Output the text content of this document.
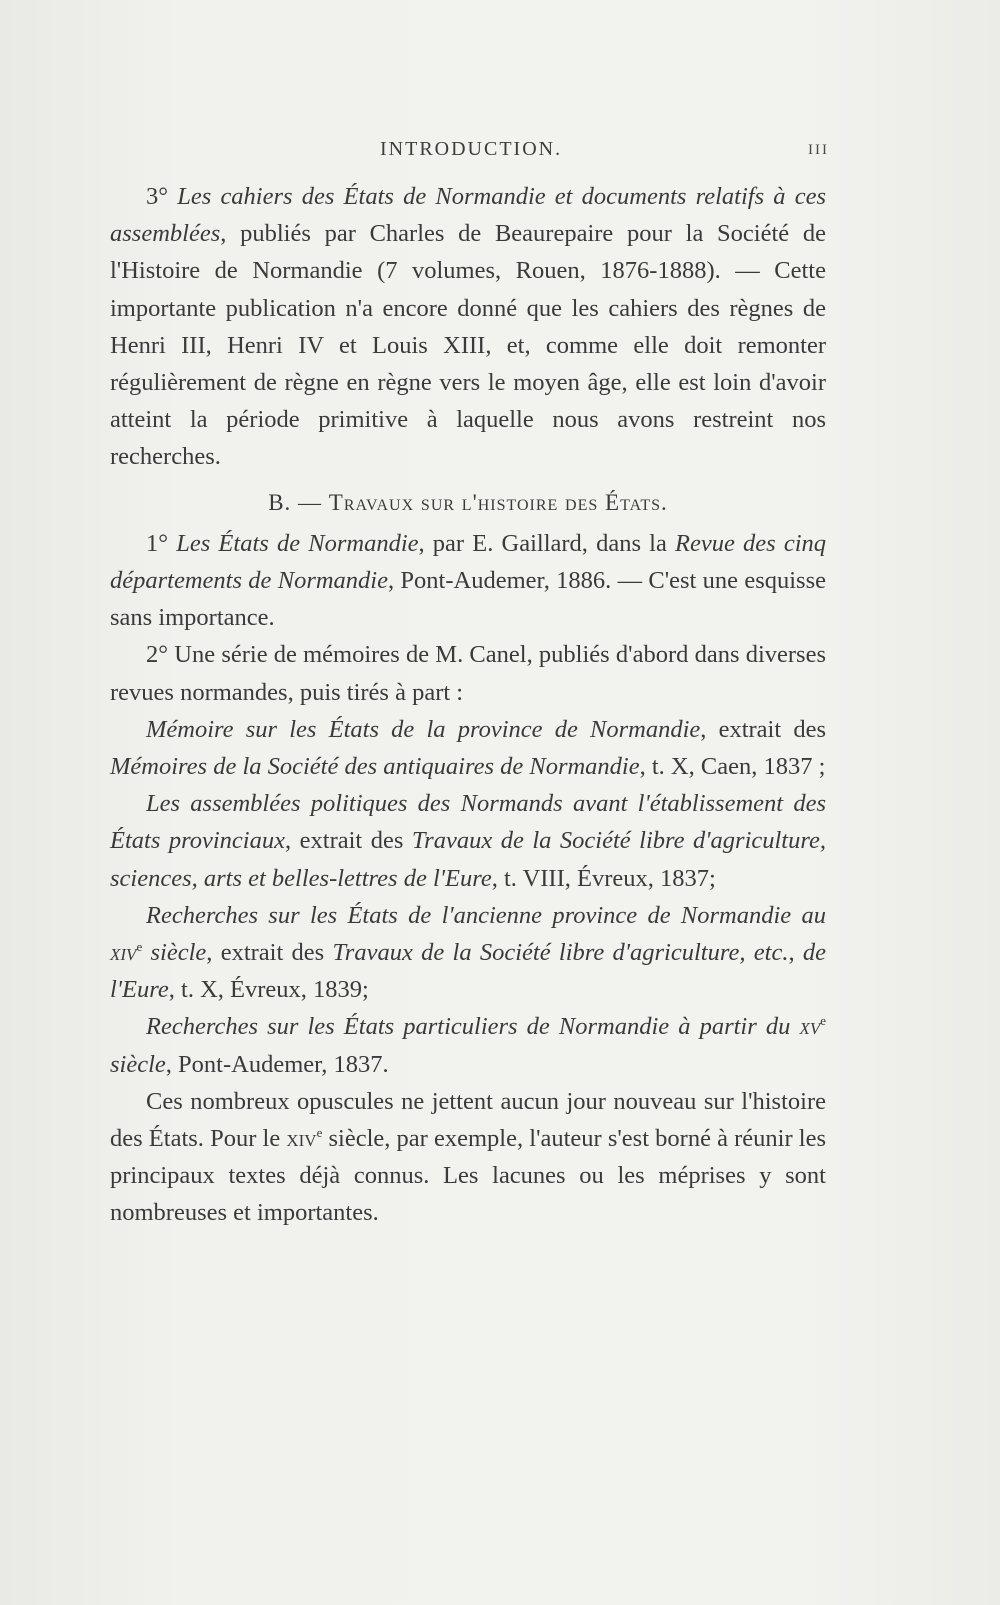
INTRODUCTION.	III

3° Les cahiers des États de Normandie et documents relatifs à ces assemblées, publiés par Charles de Beaurepaire pour la Société de l'Histoire de Normandie (7 volumes, Rouen, 1876-1888). — Cette importante publication n'a encore donné que les cahiers des règnes de Henri III, Henri IV et Louis XIII, et, comme elle doit remonter régulièrement de règne en règne vers le moyen âge, elle est loin d'avoir atteint la période primitive à laquelle nous avons restreint nos recherches.

B. — Travaux sur l'histoire des États.

1° Les États de Normandie, par E. Gaillard, dans la Revue des cinq départements de Normandie, Pont-Audemer, 1886. — C'est une esquisse sans importance.

2° Une série de mémoires de M. Canel, publiés d'abord dans diverses revues normandes, puis tirés à part :

Mémoire sur les États de la province de Normandie, extrait des Mémoires de la Société des antiquaires de Normandie, t. X, Caen, 1837 ;

Les assemblées politiques des Normands avant l'établissement des États provinciaux, extrait des Travaux de la Société libre d'agriculture, sciences, arts et belles-lettres de l'Eure, t. VIII, Évreux, 1837;

Recherches sur les États de l'ancienne province de Normandie au xiv$^e$ siècle, extrait des Travaux de la Société libre d'agriculture, etc., de l'Eure, t. X, Évreux, 1839;

Recherches sur les États particuliers de Normandie à partir du $xv^e$ siècle, Pont-Audemer, 1837.

Ces nombreux opuscules ne jettent aucun jour nouveau sur l'histoire des États. Pour le xiv$^e$ siècle, par exemple, l'auteur s'est borné à réunir les principaux textes déjà connus. Les lacunes ou les méprises y sont nombreuses et importantes.
